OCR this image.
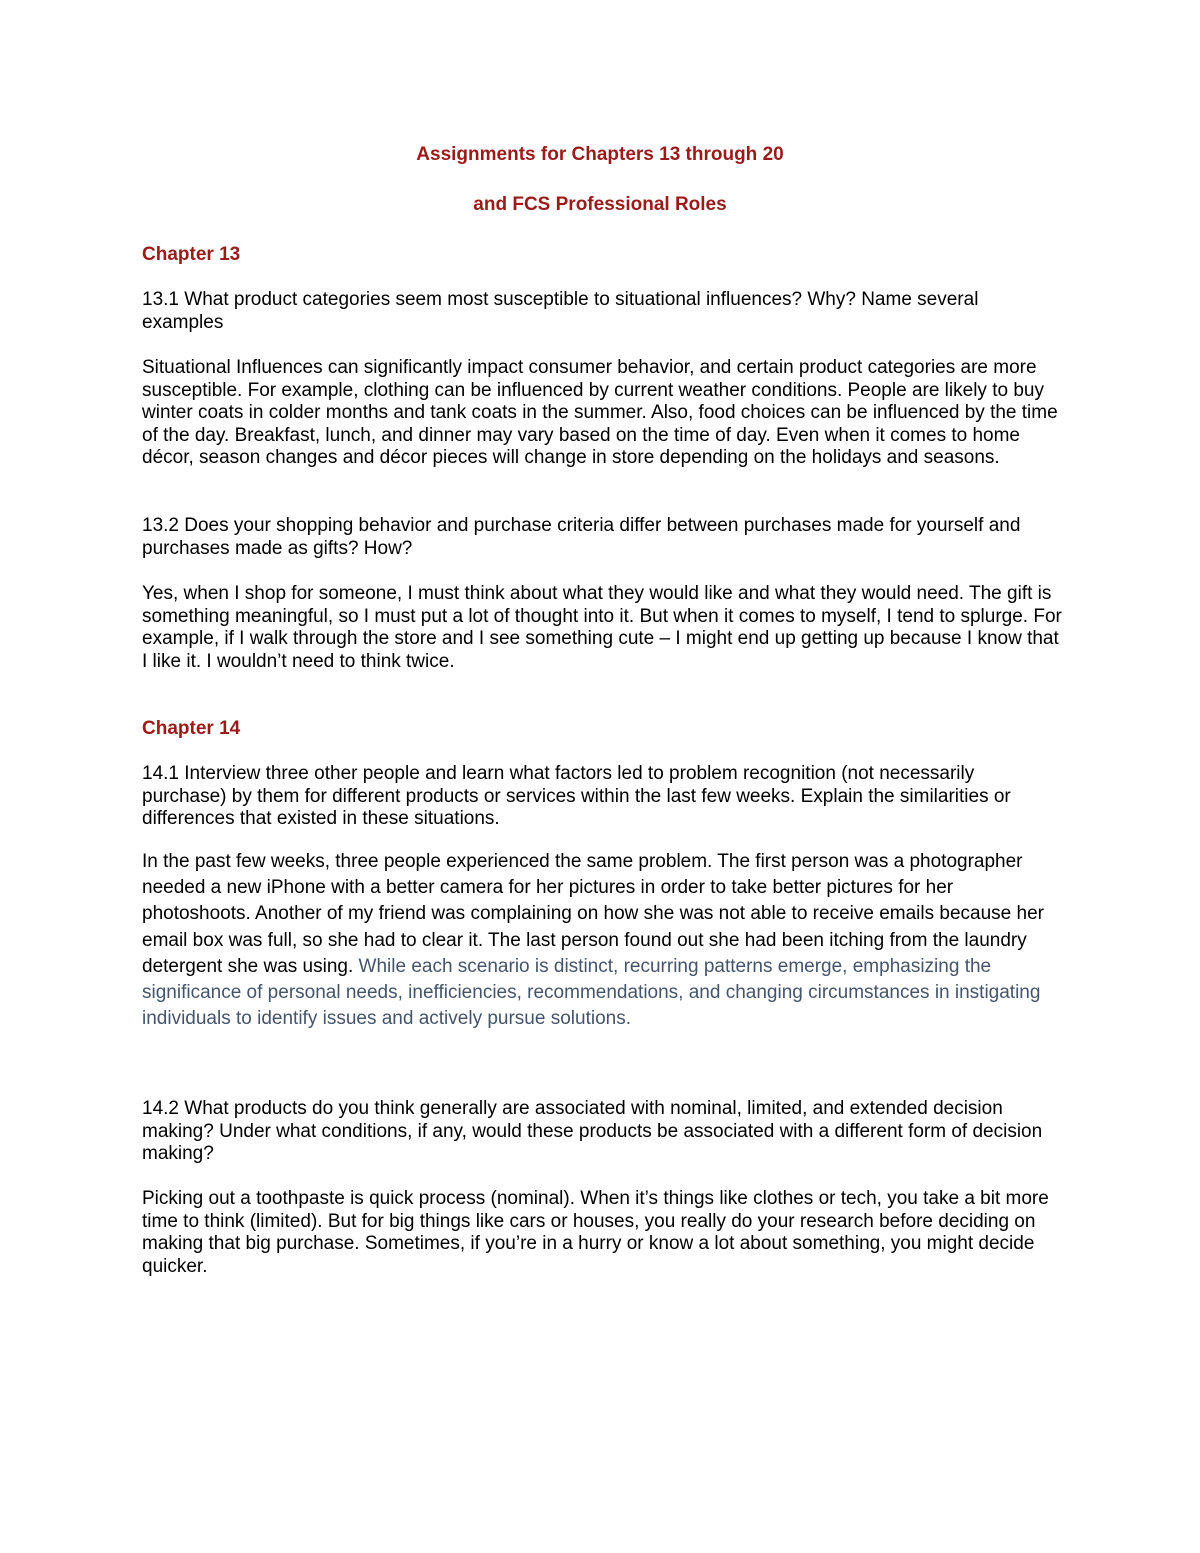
Assignments for Chapters 13 through 20
and FCS Professional Roles
Chapter 13

13.1 What product categories seem most susceptible to situational influences? Why? Name several examples

Situational Influences can significantly impact consumer behavior, and certain product categories are more susceptible. For example, clothing can be influenced by current weather conditions. People are likely to buy winter coats in colder months and tank coats in the summer. Also, food choices can be influenced by the time of the day. Breakfast, lunch, and dinner may vary based on the time of day. Even when it comes to home décor, season changes and décor pieces will change in store depending on the holidays and seasons.

13.2 Does your shopping behavior and purchase criteria differ between purchases made for yourself and purchases made as gifts? How?

Yes, when I shop for someone, I must think about what they would like and what they would need. The gift is something meaningful, so I must put a lot of thought into it. But when it comes to myself, I tend to splurge. For example, if I walk through the store and I see something cute – I might end up getting up because I know that I like it. I wouldn’t need to think twice.

Chapter 14

14.1 Interview three other people and learn what factors led to problem recognition (not necessarily purchase) by them for different products or services within the last few weeks. Explain the similarities or differences that existed in these situations.

In the past few weeks, three people experienced the same problem. The first person was a photographer needed a new iPhone with a better camera for her pictures in order to take better pictures for her photoshoots. Another of my friend was complaining on how she was not able to receive emails because her email box was full, so she had to clear it. The last person found out she had been itching from the laundry detergent she was using. While each scenario is distinct, recurring patterns emerge, emphasizing the significance of personal needs, inefficiencies, recommendations, and changing circumstances in instigating individuals to identify issues and actively pursue solutions.

14.2 What products do you think generally are associated with nominal, limited, and extended decision making? Under what conditions, if any, would these products be associated with a different form of decision making?

Picking out a toothpaste is quick process (nominal). When it’s things like clothes or tech, you take a bit more time to think (limited). But for big things like cars or houses, you really do your research before deciding on making that big purchase. Sometimes, if you’re in a hurry or know a lot about something, you might decide quicker.
